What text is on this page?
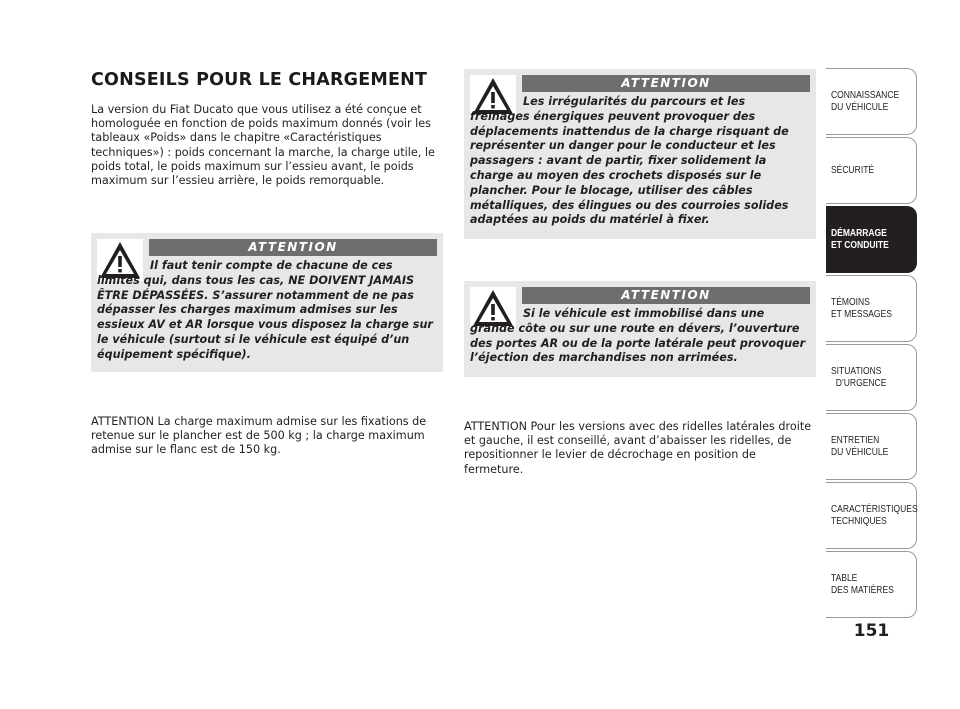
CONSEILS POUR LE CHARGEMENT

La version du Fiat Ducato que vous utilisez a été conçue et homologuée en fonction de poids maximum donnés (voir les tableaux «Poids» dans le chapitre «Caractéristiques techniques») : poids concernant la marche, la charge utile, le poids total, le poids maximum sur l’essieu avant, le poids maximum sur l’essieu arrière, le poids remorquable.

ATTENTION

Il faut tenir compte de chacune de ces limites qui, dans tous les cas, NE DOIVENT JAMAIS ÊTRE DÉPASSÉES. S’assurer notamment de ne pas dépasser les charges maximum admises sur les essieux AV et AR lorsque vous disposez la charge sur le véhicule (surtout si le véhicule est équipé d’un équipement spécifique).

ATTENTION La charge maximum admise sur les fixations de retenue sur le plancher est de 500 kg ; la charge maximum admise sur le flanc est de 150 kg.

ATTENTION

Les irrégularités du parcours et les freinages énergiques peuvent provoquer des déplacements inattendus de la charge risquant de représenter un danger pour le conducteur et les passagers : avant de partir, fixer solidement la charge au moyen des crochets disposés sur le plancher. Pour le blocage, utiliser des câbles métalliques, des élingues ou des courroies solides adaptées au poids du matériel à fixer.

ATTENTION

Si le véhicule est immobilisé dans une grande côte ou sur une route en dévers, l’ouverture des portes AR ou de la porte latérale peut provoquer l’éjection des marchandises non arrimées.

ATTENTION Pour les versions avec des ridelles latérales droite et gauche, il est conseillé, avant d’abaisser les ridelles, de repositionner le levier de décrochage en position de fermeture.

CONNAISSANCE
DU VÉHICULE
SÉCURITÉ
DÉMARRAGE
ET CONDUITE
TÉMOINS
ET MESSAGES
SITUATIONS
D’URGENCE
ENTRETIEN
DU VÉHICULE
CARACTÉRISTIQUES
TECHNIQUES
TABLE
DES MATIÈRES

151
